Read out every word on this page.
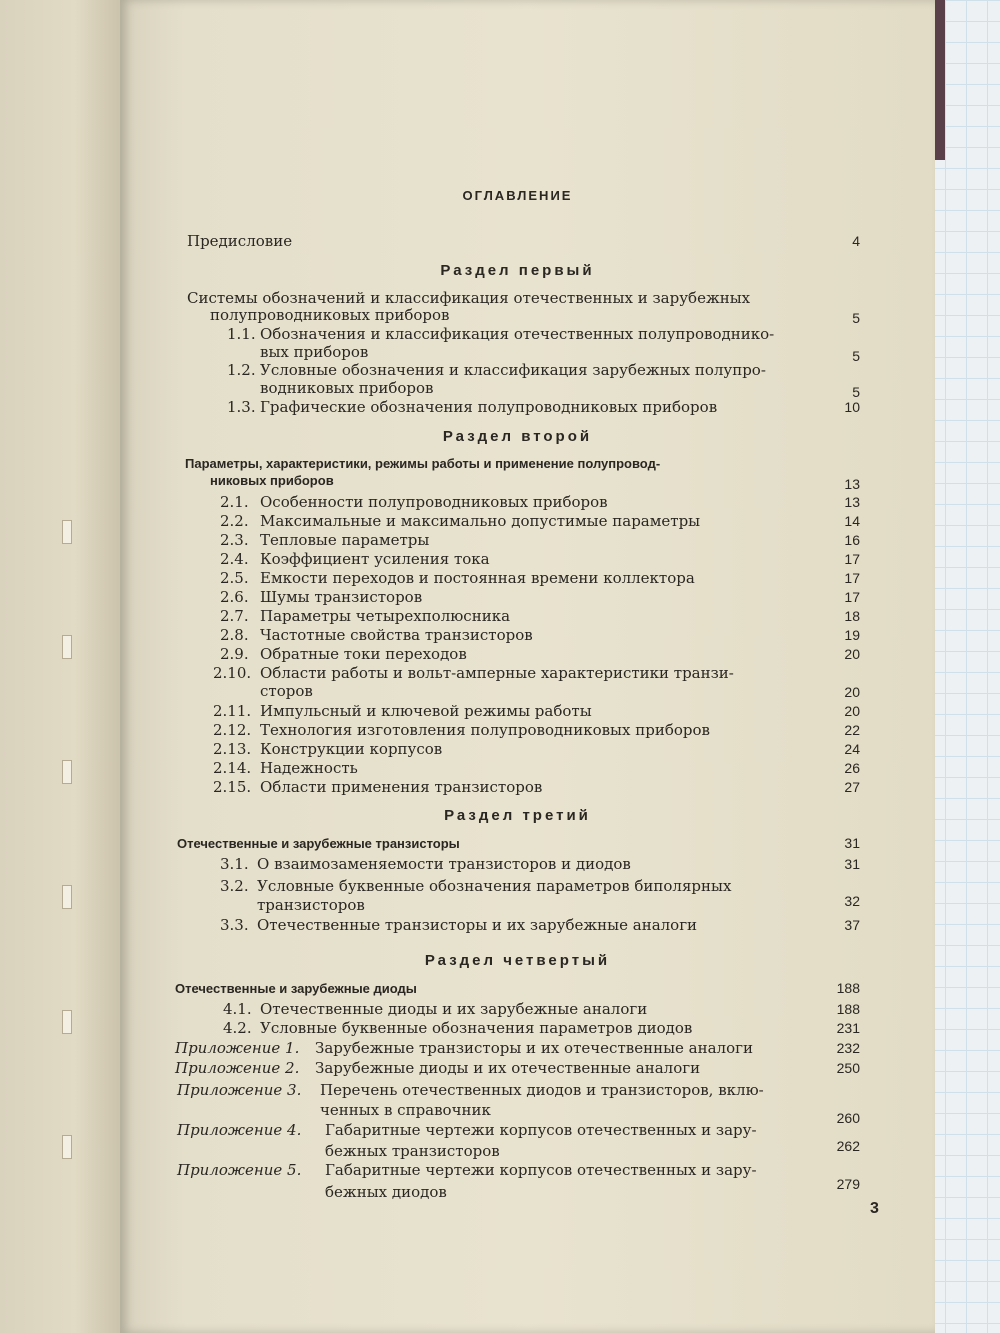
ОГЛАВЛЕНИЕ
Предисловие	4
Раздел первый
Системы обозначений и классификация отечественных и зарубежных
полупроводниковых приборов	5
1.1. Обозначения и классификация отечественных полупроводнико-
вых приборов	5
1.2. Условные обозначения и классификация зарубежных полупро-
водниковых приборов	5
1.3. Графические обозначения полупроводниковых приборов	10
Раздел второй
Параметры, характеристики, режимы работы и применение полупровод-
никовых приборов	13
2.1. Особенности полупроводниковых приборов	13
2.2. Максимальные и максимально допустимые параметры	14
2.3. Тепловые параметры	16
2.4. Коэффициент усиления тока	17
2.5. Емкости переходов и постоянная времени коллектора	17
2.6. Шумы транзисторов	17
2.7. Параметры четырехполюсника	18
2.8. Частотные свойства транзисторов	19
2.9. Обратные токи переходов	20
2.10. Области работы и вольт-амперные характеристики транзи-
сторов	20
2.11. Импульсный и ключевой режимы работы	20
2.12. Технология изготовления полупроводниковых приборов	22
2.13. Конструкции корпусов	24
2.14. Надежность	26
2.15. Области применения транзисторов	27
Раздел третий
Отечественные и зарубежные транзисторы	31
3.1. О взаимозаменяемости транзисторов и диодов	31
3.2. Условные буквенные обозначения параметров биполярных
транзисторов	32
3.3. Отечественные транзисторы и их зарубежные аналоги	37
Раздел четвертый
Отечественные и зарубежные диоды	188
4.1. Отечественные диоды и их зарубежные аналоги	188
4.2. Условные буквенные обозначения параметров диодов	231
Приложение 1. Зарубежные транзисторы и их отечественные аналоги	232
Приложение 2. Зарубежные диоды и их отечественные аналоги	250
Приложение 3. Перечень отечественных диодов и транзисторов, вклю-
ченных в справочник	260
Приложение 4. Габаритные чертежи корпусов отечественных и зару-
бежных транзисторов	262
Приложение 5. Габаритные чертежи корпусов отечественных и зару-
бежных диодов	279
3
